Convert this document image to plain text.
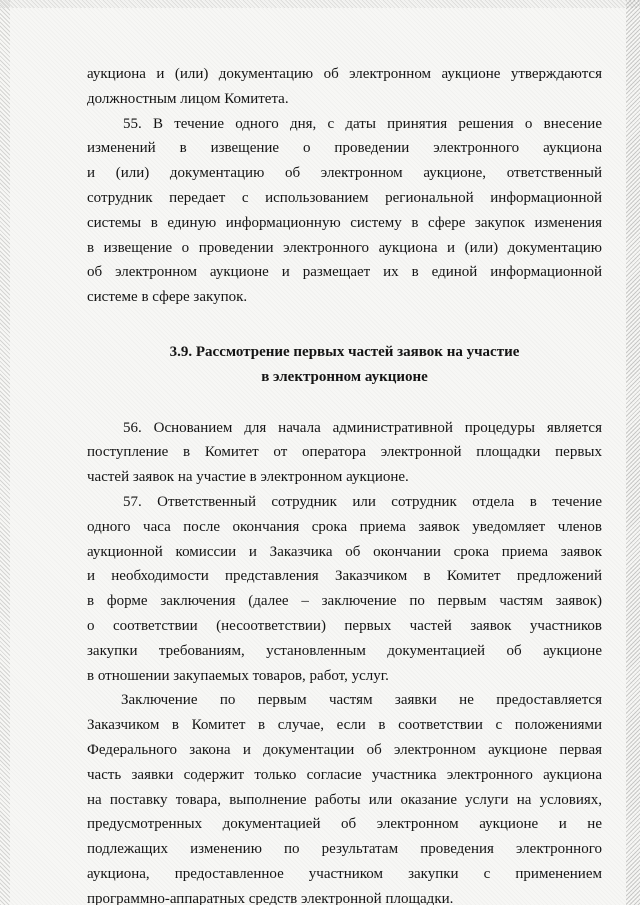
аукциона и (или) документацию об электронном аукционе утверждаются
должностным лицом Комитета.
55. В течение одного дня, с даты принятия решения о внесение
изменений в извещение о проведении электронного аукциона
и (или) документацию об электронном аукционе, ответственный
сотрудник передает с использованием региональной информационной
системы в единую информационную систему в сфере закупок изменения
в извещение о проведении электронного аукциона и (или) документацию
об электронном аукционе и размещает их в единой информационной
системе в сфере закупок.
3.9. Рассмотрение первых частей заявок на участие
в электронном аукционе
56. Основанием для начала административной процедуры является
поступление в Комитет от оператора электронной площадки первых
частей заявок на участие в электронном аукционе.
57. Ответственный сотрудник или сотрудник отдела в течение
одного часа после окончания срока приема заявок уведомляет членов
аукционной комиссии и Заказчика об окончании срока приема заявок
и необходимости представления Заказчиком в Комитет предложений
в форме заключения (далее – заключение по первым частям заявок)
о соответствии (несоответствии) первых частей заявок участников
закупки требованиям, установленным документацией об аукционе
в отношении закупаемых товаров, работ, услуг.
Заключение по первым частям заявки не предоставляется
Заказчиком в Комитет в случае, если в соответствии с положениями
Федерального закона и документации об электронном аукционе первая
часть заявки содержит только согласие участника электронного аукциона
на поставку товара, выполнение работы или оказание услуги на условиях,
предусмотренных документацией об электронном аукционе и не
подлежащих изменению по результатам проведения электронного
аукциона, предоставленное участником закупки с применением
программно-аппаратных средств электронной площадки.
